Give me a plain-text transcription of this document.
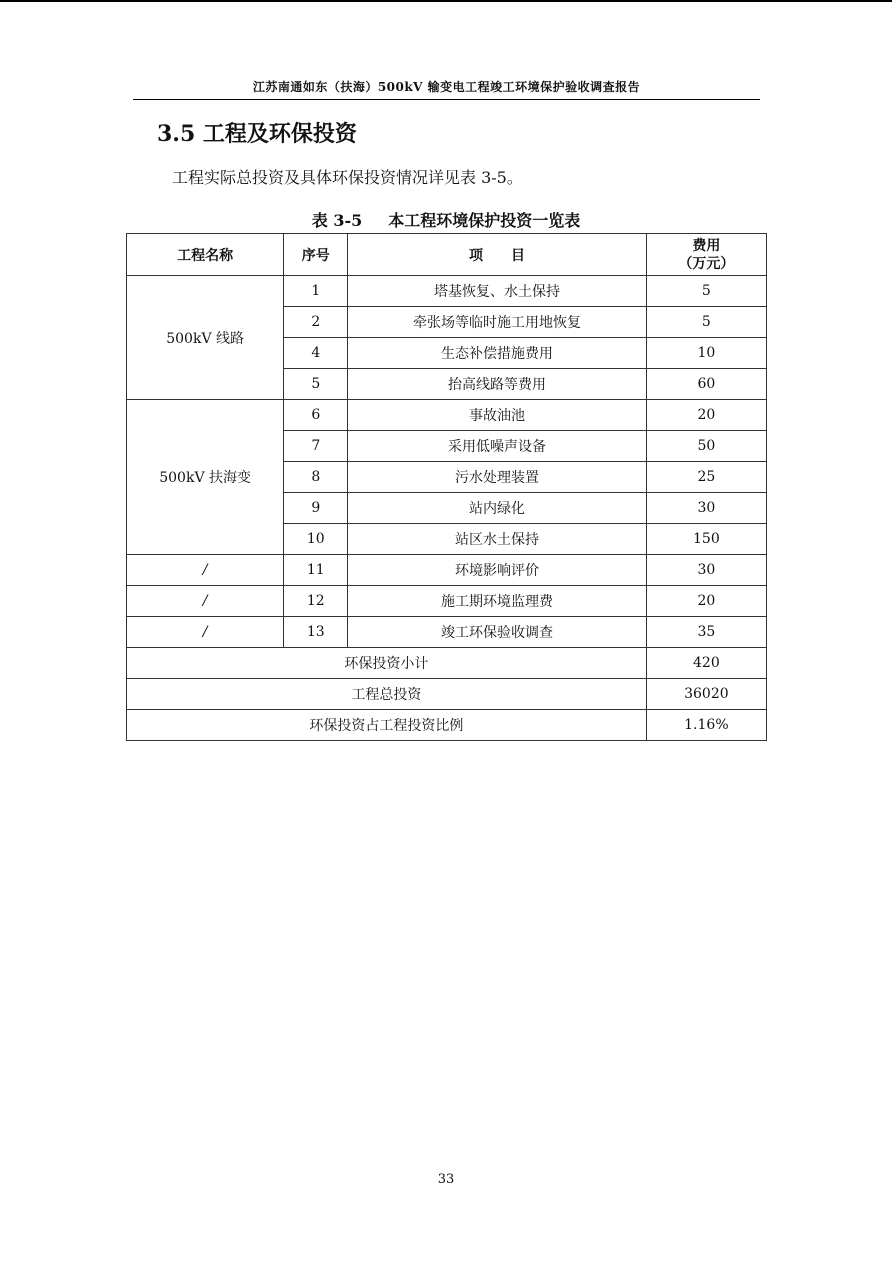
江苏南通如东（扶海）500kV 输变电工程竣工环境保护验收调查报告
3.5 工程及环保投资
工程实际总投资及具体环保投资情况详见表 3-5。
表 3-5 本工程环境保护投资一览表
工程名称	序号	项　　目	费用
（万元）

500kV 线路	1	塔基恢复、水土保持	5
	2	牵张场等临时施工用地恢复	5
	4	生态补偿措施费用	10
	5	抬高线路等费用	60
500kV 扶海变	6	事故油池	20
	7	采用低噪声设备	50
	8	污水处理装置	25
	9	站内绿化	30
	10	站区水土保持	150
/	11	环境影响评价	30
/	12	施工期环境监理费	20
/	13	竣工环保验收调查	35
环保投资小计			420
工程总投资			36020
环保投资占工程投资比例			1.16%
33
